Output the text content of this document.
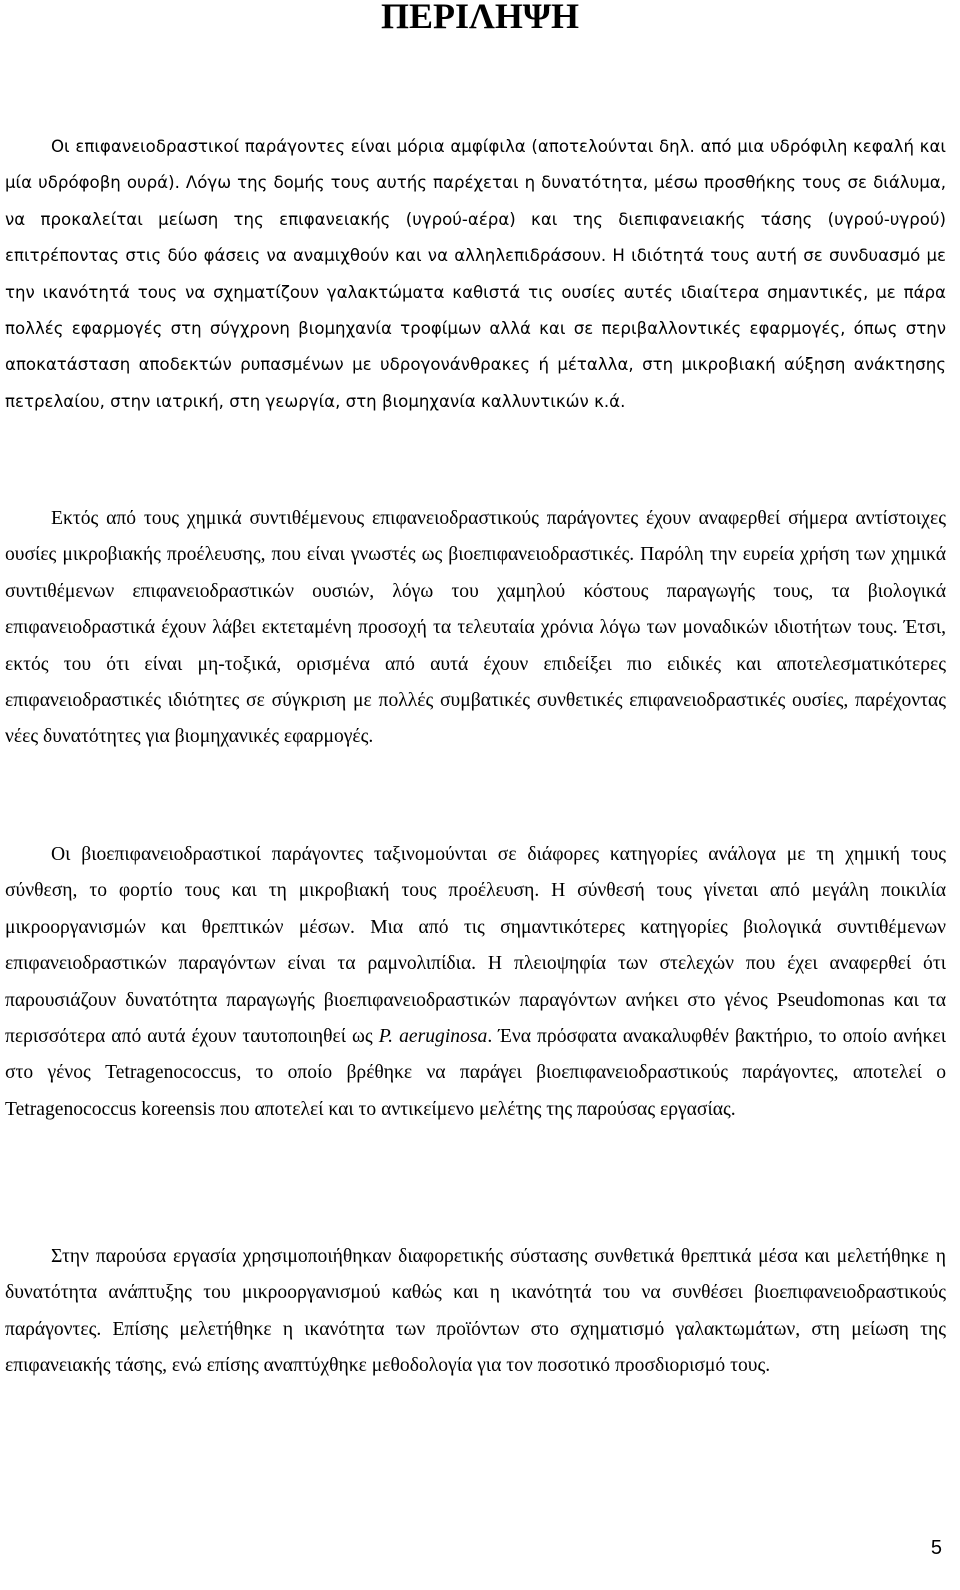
ΠΕΡΙΛΗΨΗ

Οι επιφανειοδραστικοί παράγοντες είναι μόρια αμφίφιλα (αποτελούνται δηλ. από μια υδρόφιλη κεφαλή και μία υδρόφοβη ουρά). Λόγω της δομής τους αυτής παρέχεται η δυνατότητα, μέσω προσθήκης τους σε διάλυμα, να προκαλείται μείωση της επιφανειακής (υγρού-αέρα) και της διεπιφανειακής τάσης (υγρού-υγρού) επιτρέποντας στις δύο φάσεις να αναμιχθούν και να αλληλεπιδράσουν. Η ιδιότητά τους αυτή σε συνδυασμό με την ικανότητά τους να σχηματίζουν γαλακτώματα καθιστά τις ουσίες αυτές ιδιαίτερα σημαντικές, με πάρα πολλές εφαρμογές στη σύγχρονη βιομηχανία τροφίμων αλλά και σε περιβαλλοντικές εφαρμογές, όπως στην αποκατάσταση αποδεκτών ρυπασμένων με υδρογονάνθρακες ή μέταλλα, στη μικροβιακή αύξηση ανάκτησης πετρελαίου, στην ιατρική, στη γεωργία, στη βιομηχανία καλλυντικών κ.ά.

Εκτός από τους χημικά συντιθέμενους επιφανειοδραστικούς παράγοντες έχουν αναφερθεί σήμερα αντίστοιχες ουσίες μικροβιακής προέλευσης, που είναι γνωστές ως βιοεπιφανειοδραστικές. Παρόλη την ευρεία χρήση των χημικά συντιθέμενων επιφανειοδραστικών ουσιών, λόγω του χαμηλού κόστους παραγωγής τους, τα βιολογικά επιφανειοδραστικά έχουν λάβει εκτεταμένη προσοχή τα τελευταία χρόνια λόγω των μοναδικών ιδιοτήτων τους. Έτσι, εκτός του ότι είναι μη-τοξικά, ορισμένα από αυτά έχουν επιδείξει πιο ειδικές και αποτελεσματικότερες επιφανειοδραστικές ιδιότητες σε σύγκριση με πολλές συμβατικές συνθετικές επιφανειοδραστικές ουσίες, παρέχοντας νέες δυνατότητες για βιομηχανικές εφαρμογές.

Οι βιοεπιφανειοδραστικοί παράγοντες ταξινομούνται σε διάφορες κατηγορίες ανάλογα με τη χημική τους σύνθεση, το φορτίο τους και τη μικροβιακή τους προέλευση. Η σύνθεσή τους γίνεται από μεγάλη ποικιλία μικροοργανισμών και θρεπτικών μέσων. Μια από τις σημαντικότερες κατηγορίες βιολογικά συντιθέμενων επιφανειοδραστικών παραγόντων είναι τα ραμνολιπίδια. Η πλειοψηφία των στελεχών που έχει αναφερθεί ότι παρουσιάζουν δυνατότητα παραγωγής βιοεπιφανειοδραστικών παραγόντων ανήκει στο γένος Pseudomonas και τα περισσότερα από αυτά έχουν ταυτοποιηθεί ως P. aeruginosa. Ένα πρόσφατα ανακαλυφθέν βακτήριο, το οποίο ανήκει στο γένος Tetragenococcus, το οποίο βρέθηκε να παράγει βιοεπιφανειοδραστικούς παράγοντες, αποτελεί ο Tetragenococcus koreensis που αποτελεί και το αντικείμενο μελέτης της παρούσας εργασίας.

Στην παρούσα εργασία χρησιμοποιήθηκαν διαφορετικής σύστασης συνθετικά θρεπτικά μέσα και μελετήθηκε η δυνατότητα ανάπτυξης του μικροοργανισμού καθώς και η ικανότητά του να συνθέσει βιοεπιφανειοδραστικούς παράγοντες. Επίσης μελετήθηκε η ικανότητα των προϊόντων στο σχηματισμό γαλακτωμάτων, στη μείωση της επιφανειακής τάσης, ενώ επίσης αναπτύχθηκε μεθοδολογία για τον ποσοτικό προσδιορισμό τους.

5
